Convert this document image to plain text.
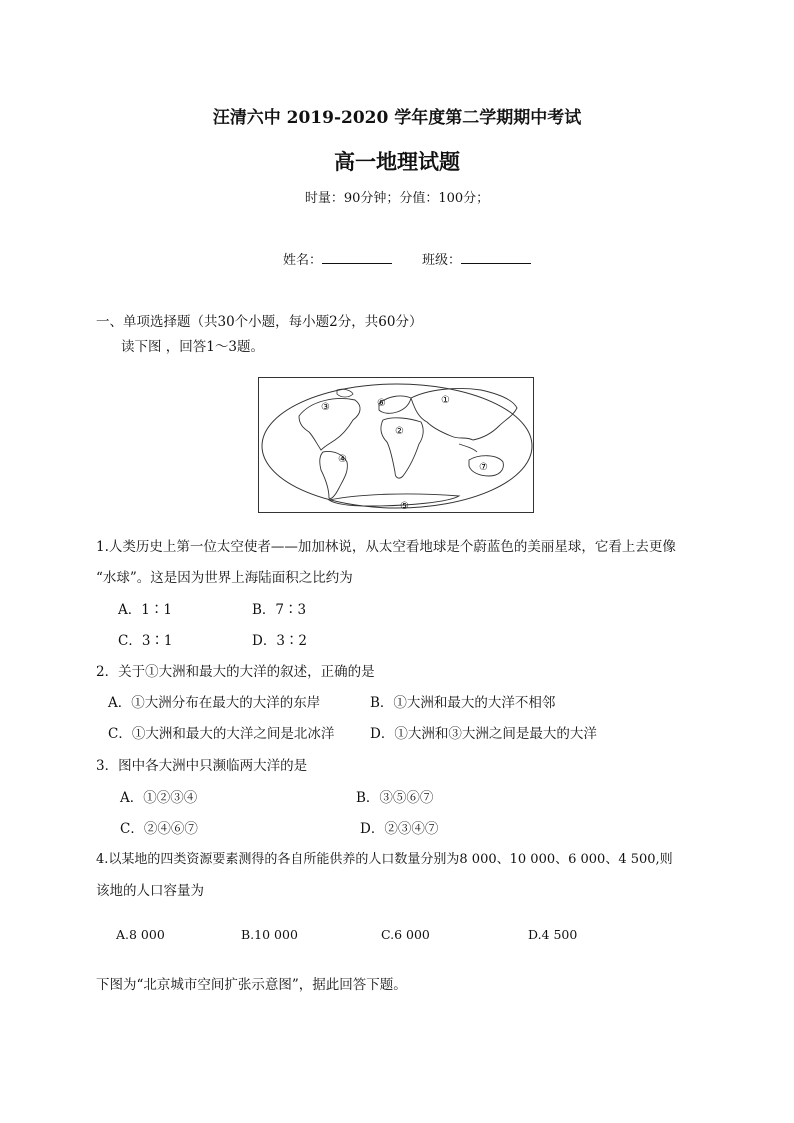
汪清六中 2019-2020 学年度第二学期期中考试
高一地理试题
时量：90分钟；分值：100分；
姓名：	班级：
一、单项选择题（共30个小题，每小题2分，共60分）
读下图 ，回答1～3题。
①
②
③
④
⑤
⑥
⑦
1.人类历史上第一位太空使者——加加林说，从太空看地球是个蔚蓝色的美丽星球，它看上去更像
“水球”。这是因为世界上海陆面积之比约为
A．1∶1	B．7∶3
C．3∶1	D．3∶2
2．关于①大洲和最大的大洋的叙述，正确的是
A．①大洲分布在最大的大洋的东岸	B．①大洲和最大的大洋不相邻
C．①大洲和最大的大洋之间是北冰洋	D．①大洲和③大洲之间是最大的大洋
3．图中各大洲中只濒临两大洋的是
A．①②③④	B．③⑤⑥⑦
C．②④⑥⑦	D．②③④⑦
4.以某地的四类资源要素测得的各自所能供养的人口数量分别为8 000、10 000、6 000、4 500,则
该地的人口容量为
A.8 000	B.10 000	C.6 000	D.4 500
下图为“北京城市空间扩张示意图”，据此回答下题。
